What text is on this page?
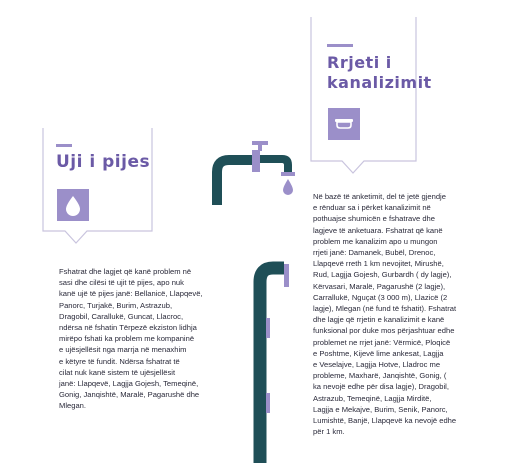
Uji i pijes
Fshatrat dhe lagjet që kanë problem në
sasi dhe cilësi të ujit të pijes, apo nuk
kanë ujë të pijes janë: Bellanicë, Llapqevë,
Panorc, Turjakë, Burim, Astrazub,
Dragobil, Carallukë, Guncat, Llacroc,
ndërsa në fshatin Tërpezë ekziston lidhja
mirëpo fshati ka problem me kompaninë
e ujësjellësit nga marrja në menaxhim
e këtyre të fundit. Ndërsa fshatrat të
cilat nuk kanë sistem të ujësjellësit
janë: Llapqevë, Lagjja Gojesh, Temeqinë,
Gonig, Janqishtë, Maralë, Pagarushë dhe
Mlegan.
Rrjeti i
kanalizimit
Në bazë të anketimit, del të jetë gjendje
e rënduar sa i përket kanalizimit në
pothuajse shumicën e fshatrave dhe
lagjeve të anketuara. Fshatrat që kanë
problem me kanalizim apo u mungon
rrjeti janë: Damanek, Bubël, Drenoc,
Llapqevë rreth 1 km nevojitet, Mirushë,
Rud, Lagjja Gojesh, Gurbardh ( dy lagje),
Kërvasari, Maralë, Pagarushë (2 lagje),
Carrallukë, Nguçat (3 000 m), Llazicë (2
lagje), Mlegan (në fund të fshatit). Fshatrat
dhe lagje që rrjetin e kanalizimit e kanë
funksional por duke mos përjashtuar edhe
problemet ne rrjet janë: Vërmicë, Ploqicë
e Poshtme, Kijevë lime ankesat, Lagjja
e Veselajve, Lagjja Hotve, Lladroc me
probleme, Maxharë, Janqishtë, Gonig, (
ka nevojë edhe për disa lagje), Dragobil,
Astrazub, Temeqinë, Lagjja Mirditë,
Lagjja e Mekajve, Burim, Senik, Panorc,
Lumishtë, Banjë, Llapqevë ka nevojë edhe
për 1 km.
